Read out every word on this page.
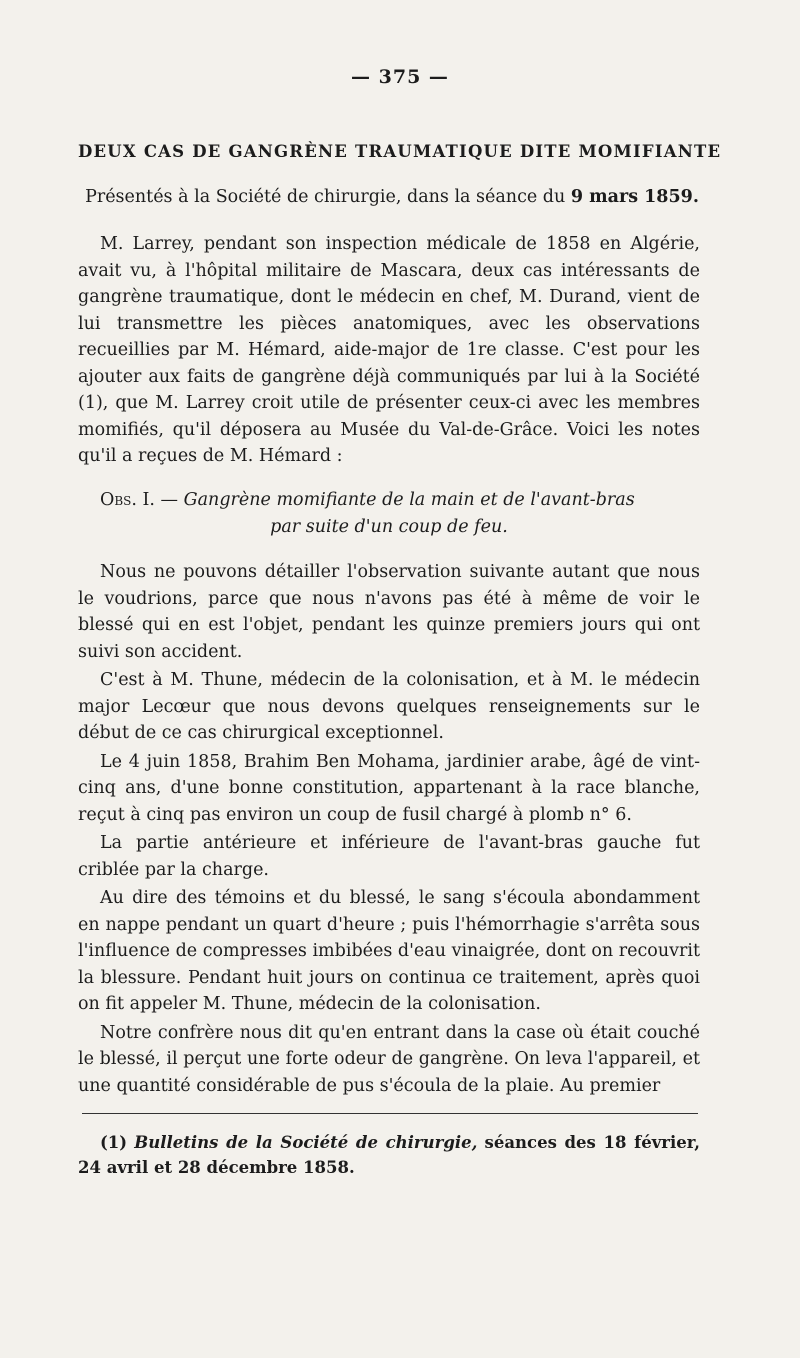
— 375 —
DEUX CAS DE GANGRÈNE TRAUMATIQUE DITE MOMIFIANTE
Présentés à la Société de chirurgie, dans la séance du 9 mars 1859.

M. Larrey, pendant son inspection médicale de 1858 en Algérie, avait vu, à l'hôpital militaire de Mascara, deux cas intéressants de gangrène traumatique, dont le médecin en chef, M. Durand, vient de lui transmettre les pièces anatomiques, avec les observations recueillies par M. Hémard, aide-major de 1re classe. C'est pour les ajouter aux faits de gangrène déjà communiqués par lui à la Société (1), que M. Larrey croit utile de présenter ceux-ci avec les membres momifiés, qu'il déposera au Musée du Val-de-Grâce. Voici les notes qu'il a reçues de M. Hémard :

Obs. I. — Gangrène momifiante de la main et de l'avant-bras
par suite d'un coup de feu.

Nous ne pouvons détailler l'observation suivante autant que nous le voudrions, parce que nous n'avons pas été à même de voir le blessé qui en est l'objet, pendant les quinze premiers jours qui ont suivi son accident.

C'est à M. Thune, médecin de la colonisation, et à M. le médecin major Lecœur que nous devons quelques renseignements sur le début de ce cas chirurgical exceptionnel.

Le 4 juin 1858, Brahim Ben Mohama, jardinier arabe, âgé de vint-cinq ans, d'une bonne constitution, appartenant à la race blanche, reçut à cinq pas environ un coup de fusil chargé à plomb n° 6.

La partie antérieure et inférieure de l'avant-bras gauche fut criblée par la charge.

Au dire des témoins et du blessé, le sang s'écoula abondamment en nappe pendant un quart d'heure ; puis l'hémorrhagie s'arrêta sous l'influence de compresses imbibées d'eau vinaigrée, dont on recouvrit la blessure. Pendant huit jours on continua ce traitement, après quoi on fit appeler M. Thune, médecin de la colonisation.

Notre confrère nous dit qu'en entrant dans la case où était couché le blessé, il perçut une forte odeur de gangrène. On leva l'appareil, et une quantité considérable de pus s'écoula de la plaie. Au premier

(1) Bulletins de la Société de chirurgie, séances des 18 février, 24 avril et 28 décembre 1858.
